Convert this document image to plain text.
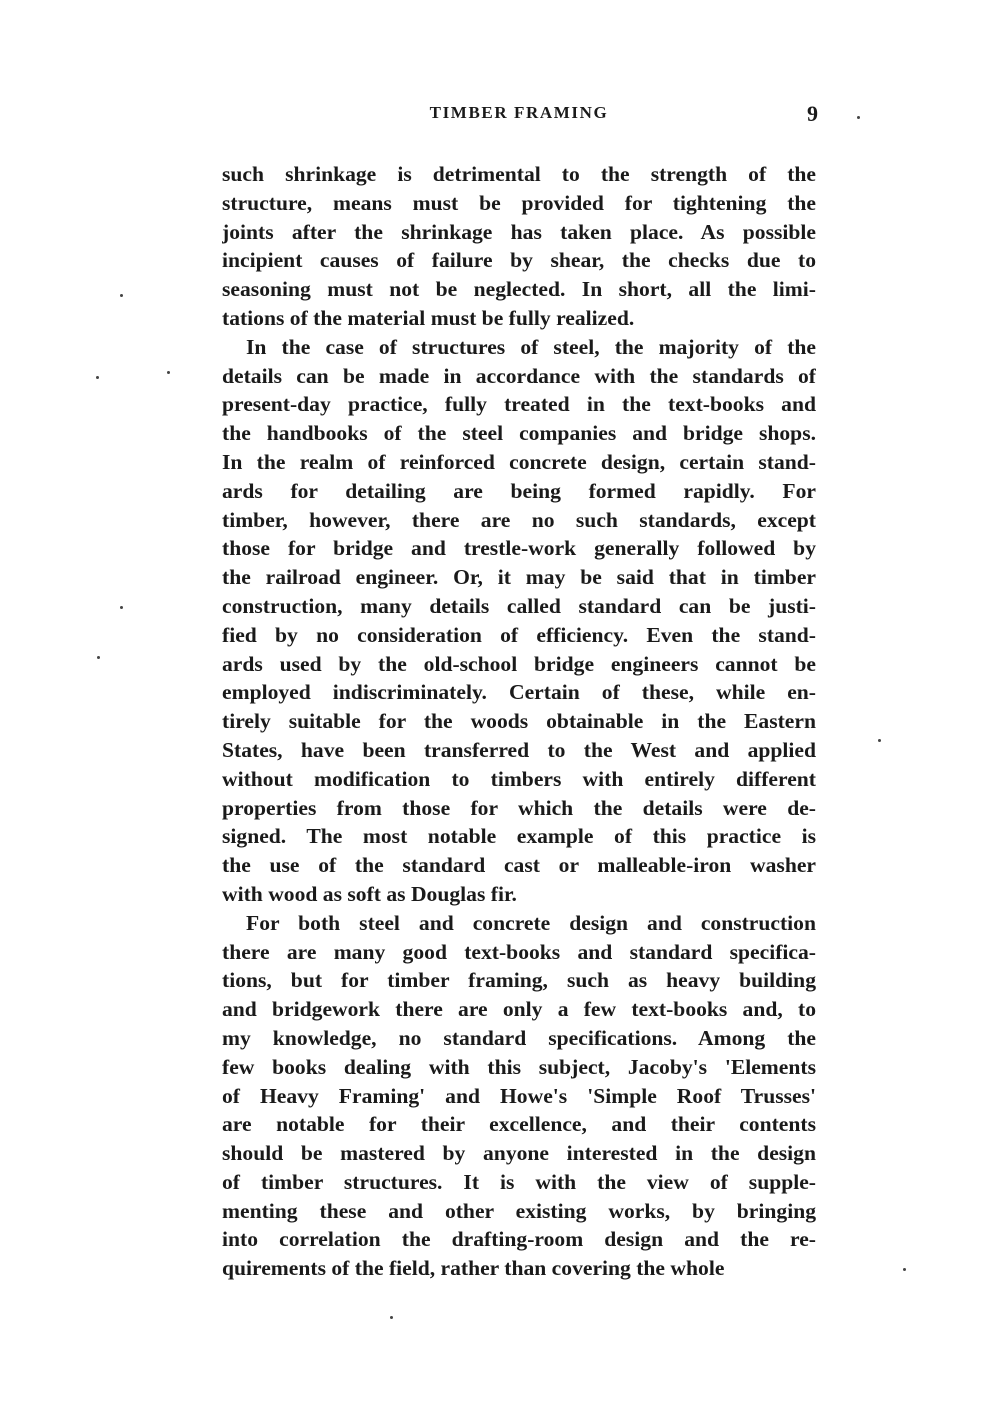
TIMBER FRAMING	9
such shrinkage is detrimental to the strength of the
structure, means must be provided for tightening the
joints after the shrinkage has taken place. As possible
incipient causes of failure by shear, the checks due to
seasoning must not be neglected. In short, all the limi-
tations of the material must be fully realized.
In the case of structures of steel, the majority of the
details can be made in accordance with the standards of
present-day practice, fully treated in the text-books and
the handbooks of the steel companies and bridge shops.
In the realm of reinforced concrete design, certain stand-
ards for detailing are being formed rapidly. For
timber, however, there are no such standards, except
those for bridge and trestle-work generally followed by
the railroad engineer. Or, it may be said that in timber
construction, many details called standard can be justi-
fied by no consideration of efficiency. Even the stand-
ards used by the old-school bridge engineers cannot be
employed indiscriminately. Certain of these, while en-
tirely suitable for the woods obtainable in the Eastern
States, have been transferred to the West and applied
without modification to timbers with entirely different
properties from those for which the details were de-
signed. The most notable example of this practice is
the use of the standard cast or malleable-iron washer
with wood as soft as Douglas fir.
For both steel and concrete design and construction
there are many good text-books and standard specifica-
tions, but for timber framing, such as heavy building
and bridgework there are only a few text-books and, to
my knowledge, no standard specifications. Among the
few books dealing with this subject, Jacoby's 'Elements
of Heavy Framing' and Howe's 'Simple Roof Trusses'
are notable for their excellence, and their contents
should be mastered by anyone interested in the design
of timber structures. It is with the view of supple-
menting these and other existing works, by bringing
into correlation the drafting-room design and the re-
quirements of the field, rather than covering the whole
